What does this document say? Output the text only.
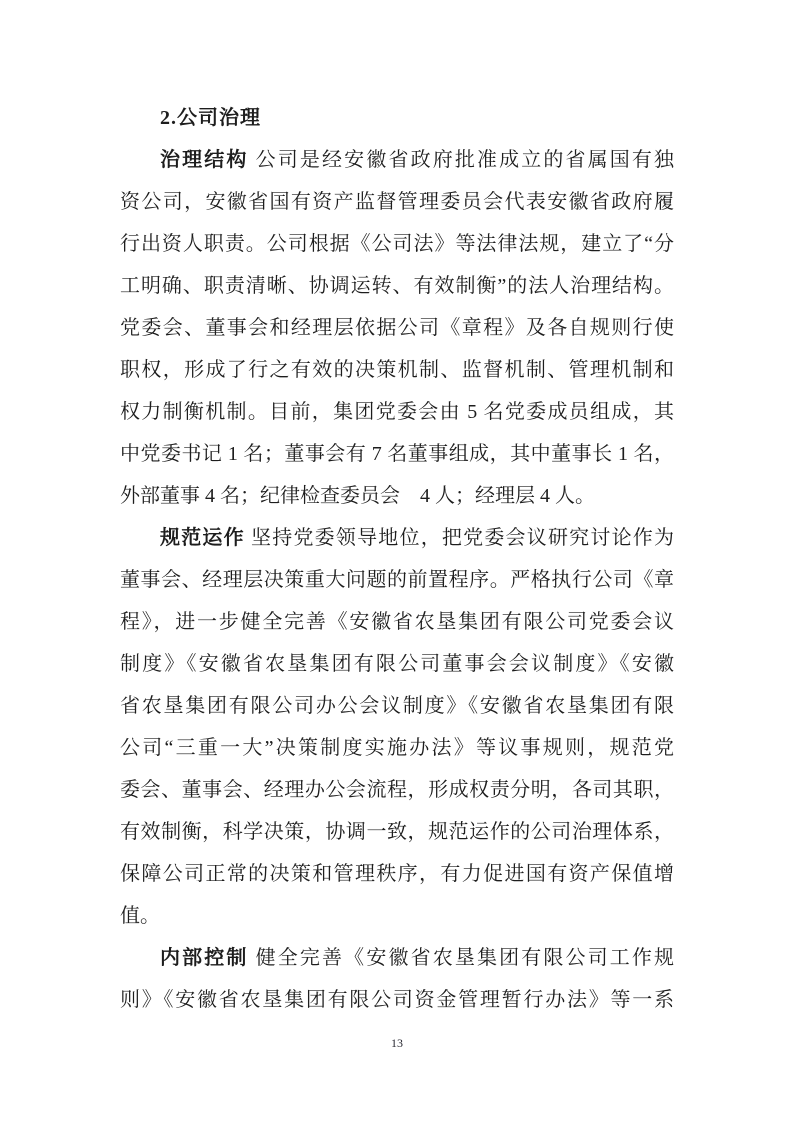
2.公司治理
治理结构 公司是经安徽省政府批准成立的省属国有独
资公司，安徽省国有资产监督管理委员会代表安徽省政府履
行出资人职责。公司根据《公司法》等法律法规，建立了“分
工明确、职责清晰、协调运转、有效制衡”的法人治理结构。
党委会、董事会和经理层依据公司《章程》及各自规则行使
职权，形成了行之有效的决策机制、监督机制、管理机制和
权力制衡机制。目前，集团党委会由 5 名党委成员组成，其
中党委书记 1 名；董事会有 7 名董事组成，其中董事长 1 名，
外部董事 4 名；纪律检查委员会　4 人；经理层 4 人。
规范运作 坚持党委领导地位，把党委会议研究讨论作为
董事会、经理层决策重大问题的前置程序。严格执行公司《章
程》，进一步健全完善《安徽省农垦集团有限公司党委会议
制度》《安徽省农垦集团有限公司董事会会议制度》《安徽
省农垦集团有限公司办公会议制度》《安徽省农垦集团有限
公司“三重一大”决策制度实施办法》等议事规则，规范党
委会、董事会、经理办公会流程，形成权责分明，各司其职，
有效制衡，科学决策，协调一致，规范运作的公司治理体系，
保障公司正常的决策和管理秩序，有力促进国有资产保值增
值。
内部控制 健全完善《安徽省农垦集团有限公司工作规
则》《安徽省农垦集团有限公司资金管理暂行办法》等一系
13
